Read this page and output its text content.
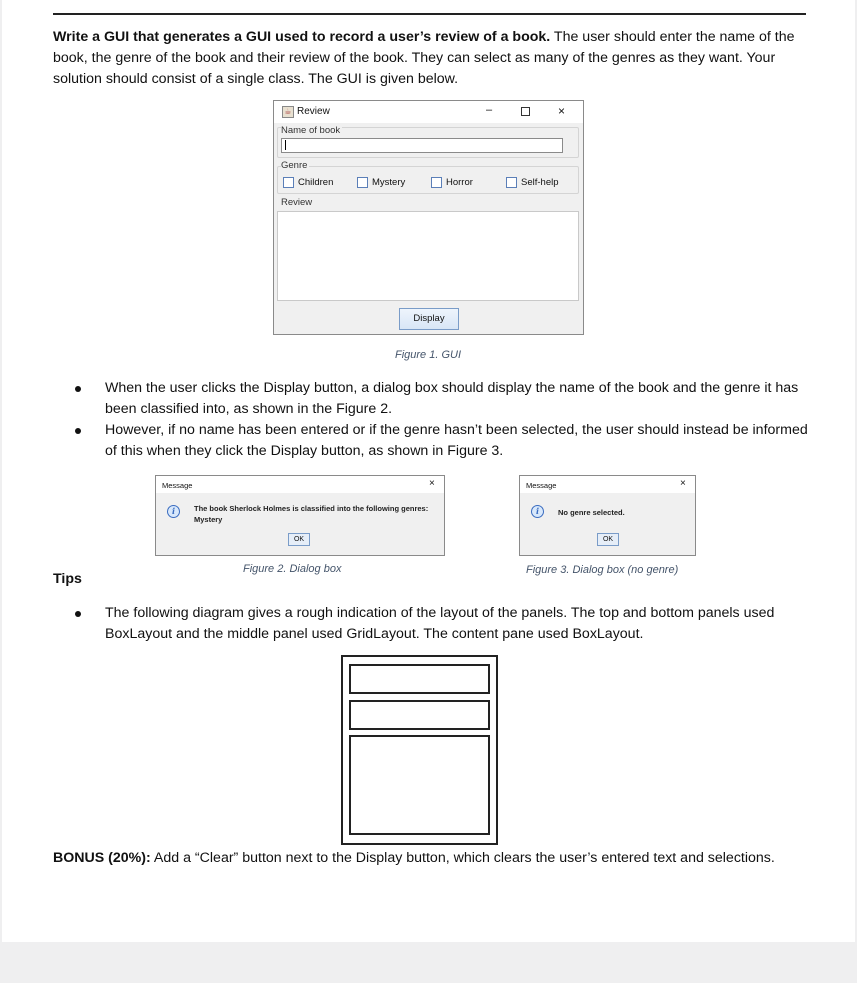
Write a GUI that generates a GUI used to record a user’s review of a book. The user should enter the name of the book, the genre of the book and their review of the book. They can select as many of the genres as they want. Your solution should consist of a single class. The GUI is given below.
☕ Review	–	×
Name of book
Genre
Children	Mystery	Horror	Self-help
Review
Display
Figure 1. GUI
When the user clicks the Display button, a dialog box should display the name of the book and the genre it has been classified into, as shown in the Figure 2.
However, if no name has been entered or if the genre hasn’t been selected, the user should instead be informed of this when they click the Display button, as shown in Figure 3.
Message	×
i	The book Sherlock Holmes is classified into the following genres:
Mystery
OK
Message	×
i	No genre selected.
OK
Figure 2. Dialog box	Figure 3. Dialog box (no genre)
Tips
The following diagram gives a rough indication of the layout of the panels. The top and bottom panels used BoxLayout and the middle panel used GridLayout. The content pane used BoxLayout.
BONUS (20%): Add a “Clear” button next to the Display button, which clears the user’s entered text and selections.
